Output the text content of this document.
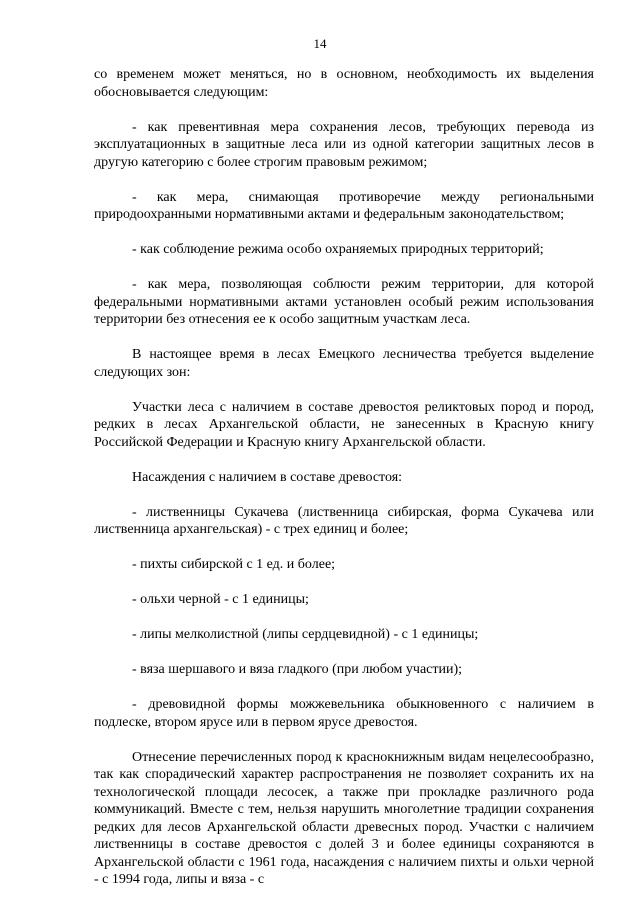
14

со временем может меняться, но в основном, необходимость их выделения обосновывается следующим:

- как превентивная мера сохранения лесов, требующих перевода из эксплуатационных в защитные леса или из одной категории защитных лесов в другую категорию с более строгим правовым режимом;

- как мера, снимающая противоречие между региональными природоохранными нормативными актами и федеральным законодательством;

- как соблюдение режима особо охраняемых природных территорий;

- как мера, позволяющая соблюсти режим территории, для которой федеральными нормативными актами установлен особый режим использования территории без отнесения ее к особо защитным участкам леса.

В настоящее время в лесах Емецкого лесничества требуется выделение следующих зон:

Участки леса с наличием в составе древостоя реликтовых пород и пород, редких в лесах Архангельской области, не занесенных в Красную книгу Российской Федерации и Красную книгу Архангельской области.

Насаждения с наличием в составе древостоя:

- лиственницы Сукачева (лиственница сибирская, форма Сукачева или лиственница архангельская) - с трех единиц и более;

- пихты сибирской с 1 ед. и более;

- ольхи черной - с 1 единицы;

- липы мелколистной (липы сердцевидной) - с 1 единицы;

- вяза шершавого и вяза гладкого (при любом участии);

- древовидной формы можжевельника обыкновенного с наличием в подлеске, втором ярусе или в первом ярусе древостоя.

Отнесение перечисленных пород к краснокнижным видам нецелесообразно, так как спорадический характер распространения не позволяет сохранить их на технологической площади лесосек, а также при прокладке различного рода коммуникаций. Вместе с тем, нельзя нарушить многолетние традиции сохранения редких для лесов Архангельской области древесных пород. Участки с наличием лиственницы в составе древостоя с долей 3 и более единицы сохраняются в Архангельской области с 1961 года, насаждения с наличием пихты и ольхи черной - с 1994 года, липы и вяза - с
